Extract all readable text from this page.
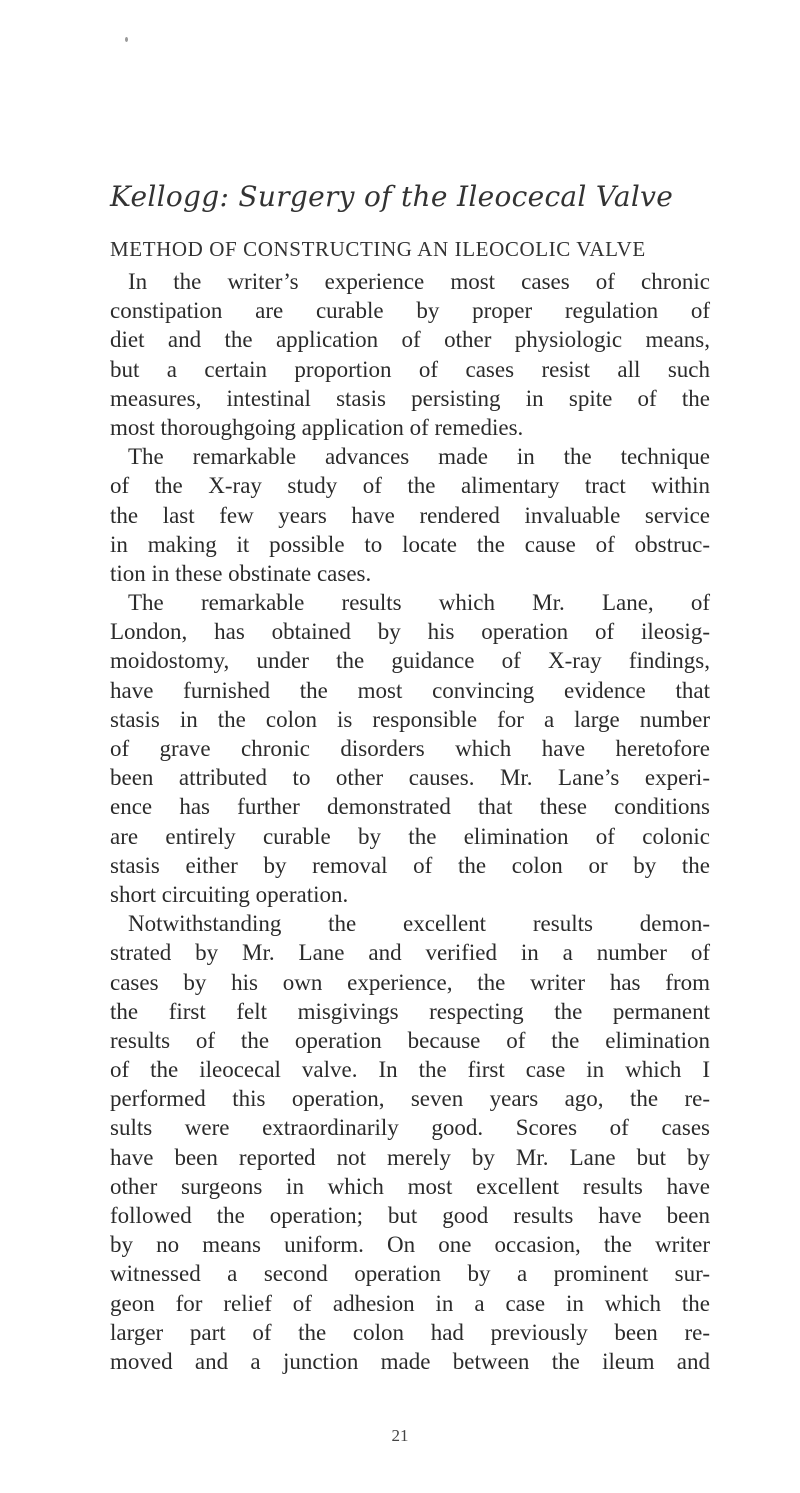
Kellogg: Surgery of the Ileocecal Valve
METHOD OF CONSTRUCTING AN ILEOCOLIC VALVE
In the writer’s experience most cases of chronic
constipation are curable by proper regulation of
diet and the application of other physiologic means,
but a certain proportion of cases resist all such
measures, intestinal stasis persisting in spite of the
most thoroughgoing application of remedies.
The remarkable advances made in the technique
of the X-ray study of the alimentary tract within
the last few years have rendered invaluable service
in making it possible to locate the cause of obstruc-
tion in these obstinate cases.
The remarkable results which Mr. Lane, of
London, has obtained by his operation of ileosig-
moidostomy, under the guidance of X-ray findings,
have furnished the most convincing evidence that
stasis in the colon is responsible for a large number
of grave chronic disorders which have heretofore
been attributed to other causes. Mr. Lane’s experi-
ence has further demonstrated that these conditions
are entirely curable by the elimination of colonic
stasis either by removal of the colon or by the
short circuiting operation.
Notwithstanding the excellent results demon-
strated by Mr. Lane and verified in a number of
cases by his own experience, the writer has from
the first felt misgivings respecting the permanent
results of the operation because of the elimination
of the ileocecal valve. In the first case in which I
performed this operation, seven years ago, the re-
sults were extraordinarily good. Scores of cases
have been reported not merely by Mr. Lane but by
other surgeons in which most excellent results have
followed the operation; but good results have been
by no means uniform. On one occasion, the writer
witnessed a second operation by a prominent sur-
geon for relief of adhesion in a case in which the
larger part of the colon had previously been re-
moved and a junction made between the ileum and
21
